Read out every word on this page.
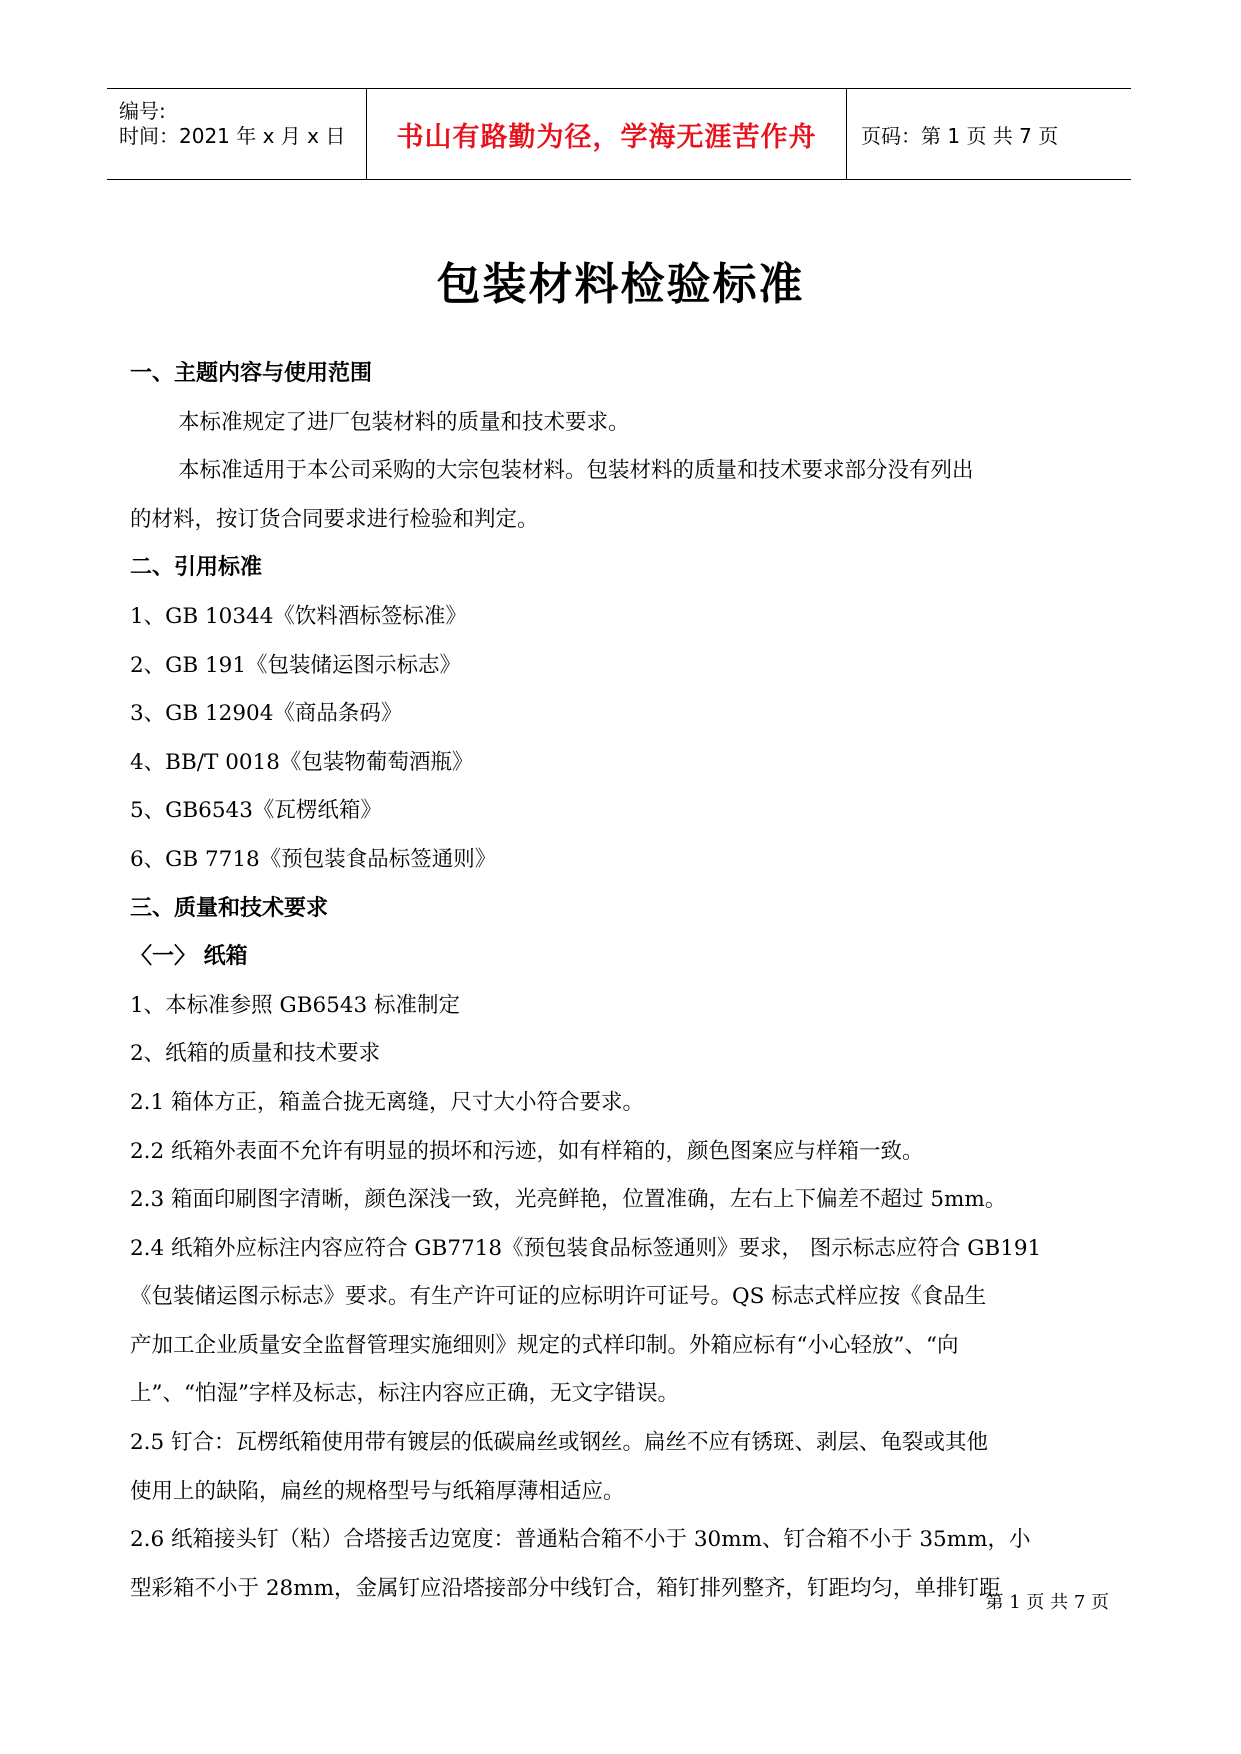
编号:
时间：2021 年 x 月 x 日	书山有路勤为径，学海无涯苦作舟	页码：第 1 页 共 7 页
包装材料检验标准
一、主题内容与使用范围
本标准规定了进厂包装材料的质量和技术要求。
本标准适用于本公司采购的大宗包装材料。包装材料的质量和技术要求部分没有列出
的材料，按订货合同要求进行检验和判定。
二、引用标准
1、GB 10344《饮料酒标签标准》
2、GB 191《包装储运图示标志》
3、GB 12904《商品条码》
4、BB/T 0018《包装物葡萄酒瓶》
5、GB6543《瓦楞纸箱》
6、GB 7718《预包装食品标签通则》
三、质量和技术要求
〈一〉 纸箱
1、本标准参照 GB6543 标准制定
2、纸箱的质量和技术要求
2.1 箱体方正，箱盖合拢无离缝，尺寸大小符合要求。
2.2 纸箱外表面不允许有明显的损坏和污迹，如有样箱的，颜色图案应与样箱一致。
2.3 箱面印刷图字清晰，颜色深浅一致，光亮鲜艳，位置准确，左右上下偏差不超过 5mm。
2.4 纸箱外应标注内容应符合 GB7718《预包装食品标签通则》要求， 图示标志应符合 GB191
《包装储运图示标志》要求。有生产许可证的应标明许可证号。QS 标志式样应按《食品生
产加工企业质量安全监督管理实施细则》规定的式样印制。外箱应标有“小心轻放”、“向
上”、“怕湿”字样及标志，标注内容应正确，无文字错误。
2.5 钉合：瓦楞纸箱使用带有镀层的低碳扁丝或钢丝。扁丝不应有锈斑、剥层、龟裂或其他
使用上的缺陷，扁丝的规格型号与纸箱厚薄相适应。
2.6 纸箱接头钉（粘）合塔接舌边宽度：普通粘合箱不小于 30mm、钉合箱不小于 35mm，小
型彩箱不小于 28mm，金属钉应沿塔接部分中线钉合，箱钉排列整齐，钉距均匀，单排钉距
第 1 页 共 7 页
